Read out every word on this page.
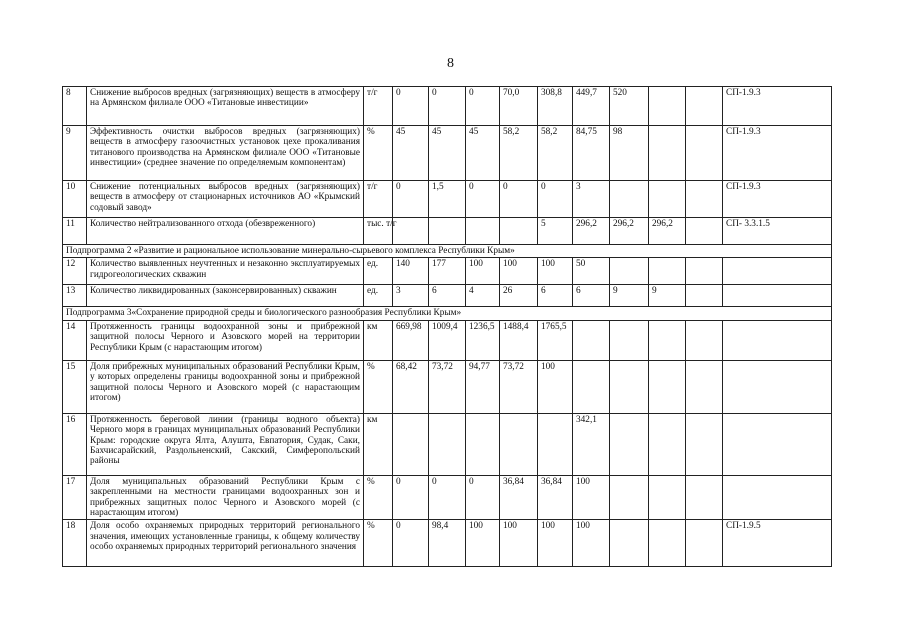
8
8	Снижение выбросов вредных (загрязняющих) веществ в атмосферу на Армянском филиале ООО «Титановые инвестиции»	т/г	0	0	0	70,0	308,8	449,7	520			СП-1.9.3
9	Эффективность очистки выбросов вредных (загрязняющих) веществ в атмосферу газоочистных установок цехе прокаливания титанового производства на Армянском филиале ООО «Титановые инвестиции» (среднее значение по определяемым компонентам)	%	45	45	45	58,2	58,2	84,75	98			СП-1.9.3
10	Снижение потенциальных выбросов вредных (загрязняющих) веществ в атмосферу от стационарных источников АО «Крымский содовый завод»	т/г	0	1,5	0	0	0	3				СП-1.9.3
11	Количество нейтрализованного отхода (обезвреженного)	тыс. т/г					5	296,2	296,2	296,2		СП- 3.3.1.5
Подпрограмма 2 «Развитие и рациональное использование минерально-сырьевого комплекса Республики Крым»												
12	Количество выявленных неучтенных и незаконно эксплуатируемых гидрогеологических скважин	ед.	140	177	100	100	100	50				
13	Количество ликвидированных (законсервированных) скважин	ед.	3	6	4	26	6	6	9	9		
Подпрограмма 3«Сохранение природной среды и биологического разнообразия Республики Крым»												
14	Протяженность границы водоохранной зоны и прибрежной защитной полосы Черного и Азовского морей на территории Республики Крым (с нарастающим итогом)	км	669,98	1009,4	1236,5	1488,4	1765,5					
15	Доля прибрежных муниципальных образований Республики Крым, у которых определены границы водоохранной зоны и прибрежной защитной полосы Черного и Азовского морей (с нарастающим итогом)	%	68,42	73,72	94,77	73,72	100					
16	Протяженность береговой линии (границы водного объекта) Черного моря в границах муниципальных образований Республики Крым: городские округа Ялта, Алушта, Евпатория, Судак, Саки, Бахчисарайский, Раздольненский, Сакский, Симферопольский районы	км						342,1				
17	Доля муниципальных образований Республики Крым с закрепленными на местности границами водоохранных зон и прибрежных защитных полос Черного и Азовского морей (с нарастающим итогом)	%	0	0	0	36,84	36,84	100				
18	Доля особо охраняемых природных территорий регионального значения, имеющих установленные границы, к общему количеству особо охраняемых природных территорий регионального значения	%	0	98,4	100	100	100	100				СП-1.9.5
